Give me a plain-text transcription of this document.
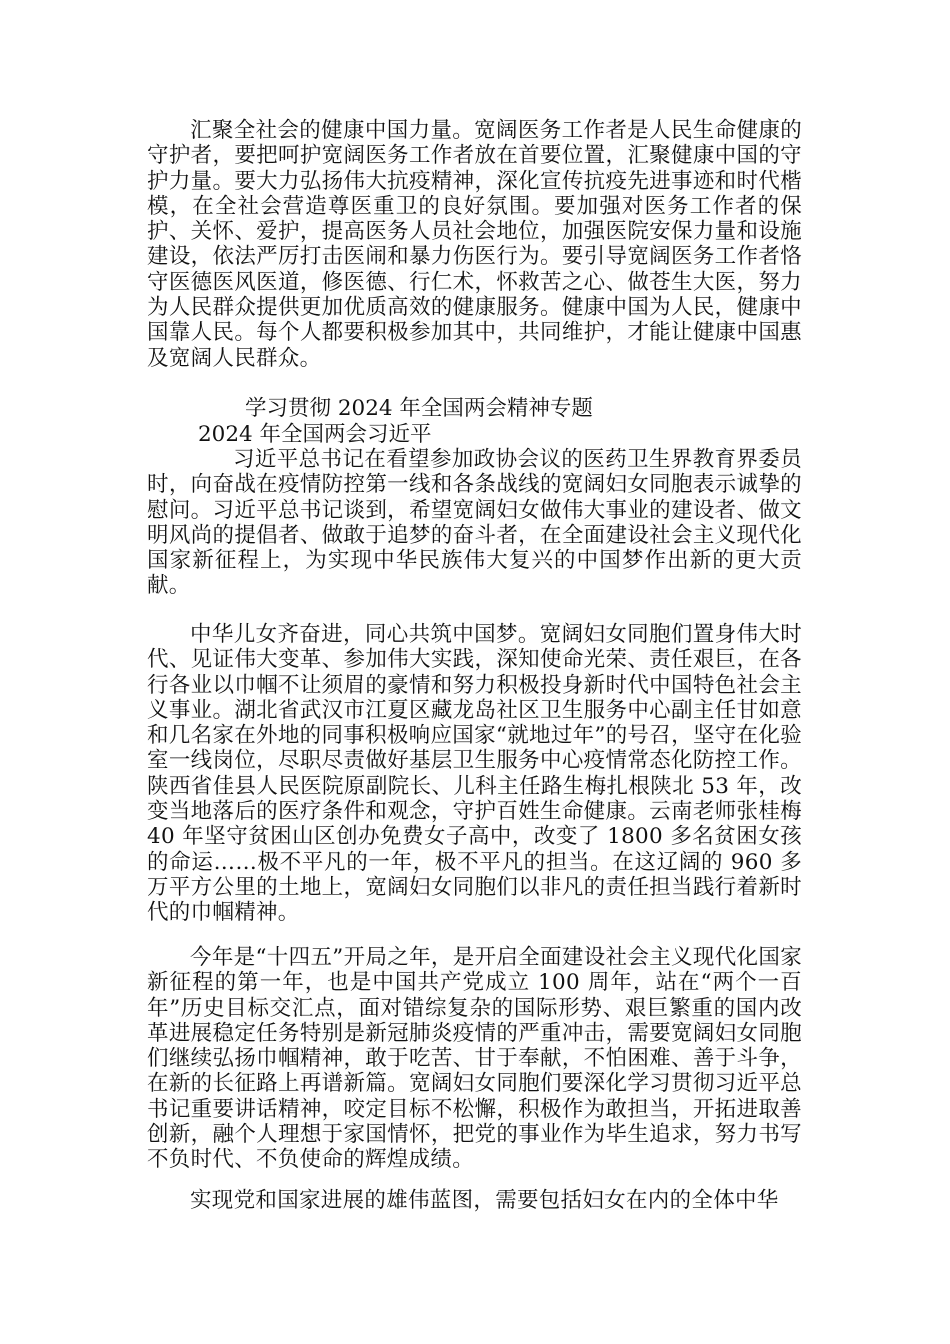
汇聚全社会的健康中国力量。宽阔医务工作者是人民生命健康的守护者，要把呵护宽阔医务工作者放在首要位置，汇聚健康中国的守护力量。要大力弘扬伟大抗疫精神，深化宣传抗疫先进事迹和时代楷模，在全社会营造尊医重卫的良好氛围。要加强对医务工作者的保护、关怀、爱护，提高医务人员社会地位，加强医院安保力量和设施建设，依法严厉打击医闹和暴力伤医行为。要引导宽阔医务工作者恪守医德医风医道，修医德、行仁术，怀救苦之心、做苍生大医，努力为人民群众提供更加优质高效的健康服务。健康中国为人民，健康中国靠人民。每个人都要积极参加其中，共同维护，才能让健康中国惠及宽阔人民群众。

学习贯彻 2024 年全国两会精神专题
2024 年全国两会习近平

习近平总书记在看望参加政协会议的医药卫生界教育界委员时，向奋战在疫情防控第一线和各条战线的宽阔妇女同胞表示诚挚的慰问。习近平总书记谈到，希望宽阔妇女做伟大事业的建设者、做文明风尚的提倡者、做敢于追梦的奋斗者，在全面建设社会主义现代化国家新征程上，为实现中华民族伟大复兴的中国梦作出新的更大贡献。

中华儿女齐奋进，同心共筑中国梦。宽阔妇女同胞们置身伟大时代、见证伟大变革、参加伟大实践，深知使命光荣、责任艰巨，在各行各业以巾帼不让须眉的豪情和努力积极投身新时代中国特色社会主义事业。湖北省武汉市江夏区藏龙岛社区卫生服务中心副主任甘如意和几名家在外地的同事积极响应国家“就地过年”的号召，坚守在化验室一线岗位，尽职尽责做好基层卫生服务中心疫情常态化防控工作。陕西省佳县人民医院原副院长、儿科主任路生梅扎根陕北 53 年，改变当地落后的医疗条件和观念，守护百姓生命健康。云南老师张桂梅 40 年坚守贫困山区创办免费女子高中，改变了 1800 多名贫困女孩的命运……极不平凡的一年，极不平凡的担当。在这辽阔的 960 多万平方公里的土地上，宽阔妇女同胞们以非凡的责任担当践行着新时代的巾帼精神。

今年是“十四五”开局之年，是开启全面建设社会主义现代化国家新征程的第一年，也是中国共产党成立 100 周年，站在“两个一百年”历史目标交汇点，面对错综复杂的国际形势、艰巨繁重的国内改革进展稳定任务特别是新冠肺炎疫情的严重冲击，需要宽阔妇女同胞们继续弘扬巾帼精神，敢于吃苦、甘于奉献，不怕困难、善于斗争，在新的长征路上再谱新篇。宽阔妇女同胞们要深化学习贯彻习近平总书记重要讲话精神，咬定目标不松懈，积极作为敢担当，开拓进取善创新，融个人理想于家国情怀，把党的事业作为毕生追求，努力书写不负时代、不负使命的辉煌成绩。

实现党和国家进展的雄伟蓝图，需要包括妇女在内的全体中华
